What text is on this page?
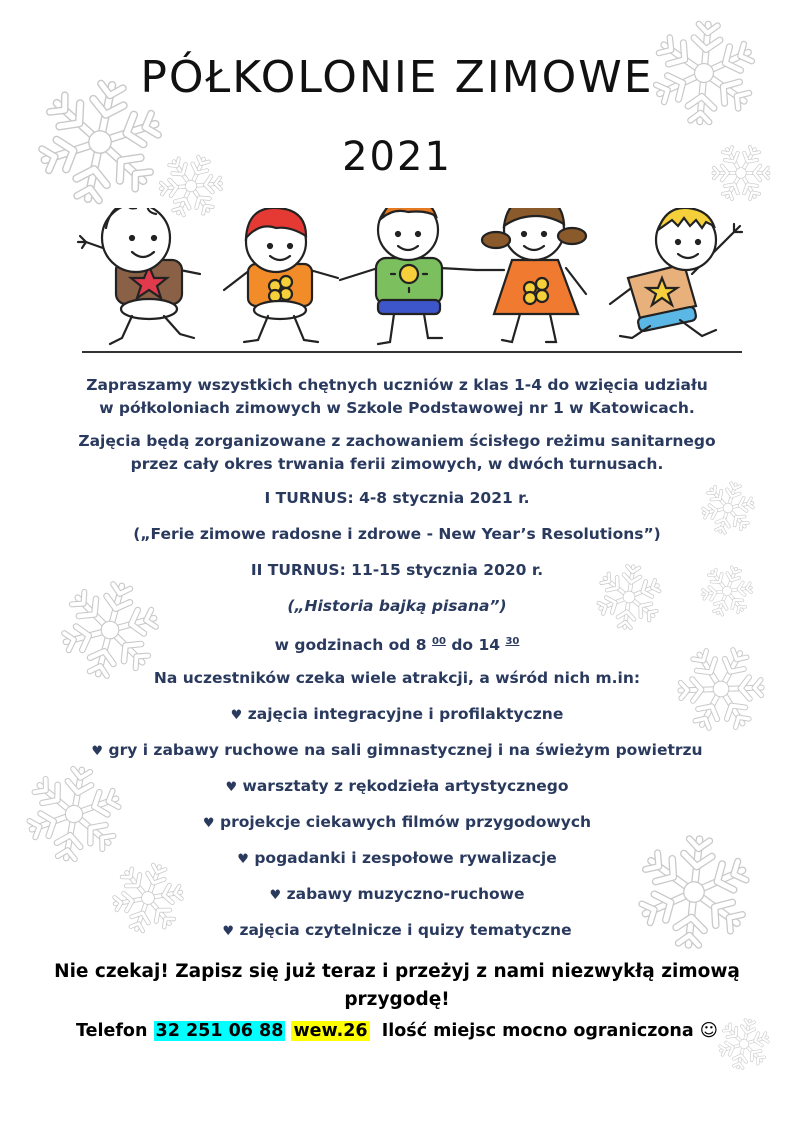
PÓŁKOLONIE ZIMOWE
2021

Zapraszamy wszystkich chętnych uczniów z klas 1-4 do wzięcia udziału

w półkoloniach zimowych w Szkole Podstawowej nr 1 w Katowicach.

Zajęcia będą zorganizowane z zachowaniem ścisłego reżimu sanitarnego

przez cały okres trwania ferii zimowych, w dwóch turnusach.

I TURNUS: 4-8 stycznia 2021 r.

(„Ferie zimowe radosne i zdrowe - New Year’s Resolutions”)

II TURNUS: 11-15 stycznia 2020 r.

(„Historia bajką pisana”)

w godzinach od 8 $^{00}$ do 14 $^{30}$

Na uczestników czeka wiele atrakcji, a wśród nich m.in:

♥ zajęcia integracyjne i profilaktyczne

♥ gry i zabawy ruchowe na sali gimnastycznej i na świeżym powietrzu

♥ warsztaty z rękodzieła artystycznego

♥ projekcje ciekawych filmów przygodowych

♥ pogadanki i zespołowe rywalizacje

♥ zabawy muzyczno-ruchowe

♥ zajęcia czytelnicze i quizy tematyczne

Nie czekaj! Zapisz się już teraz i przeżyj z nami niezwykłą zimową
przygodę!
Telefon 32 251 06 88 wew.26 Ilość miejsc mocno ograniczona ☺
